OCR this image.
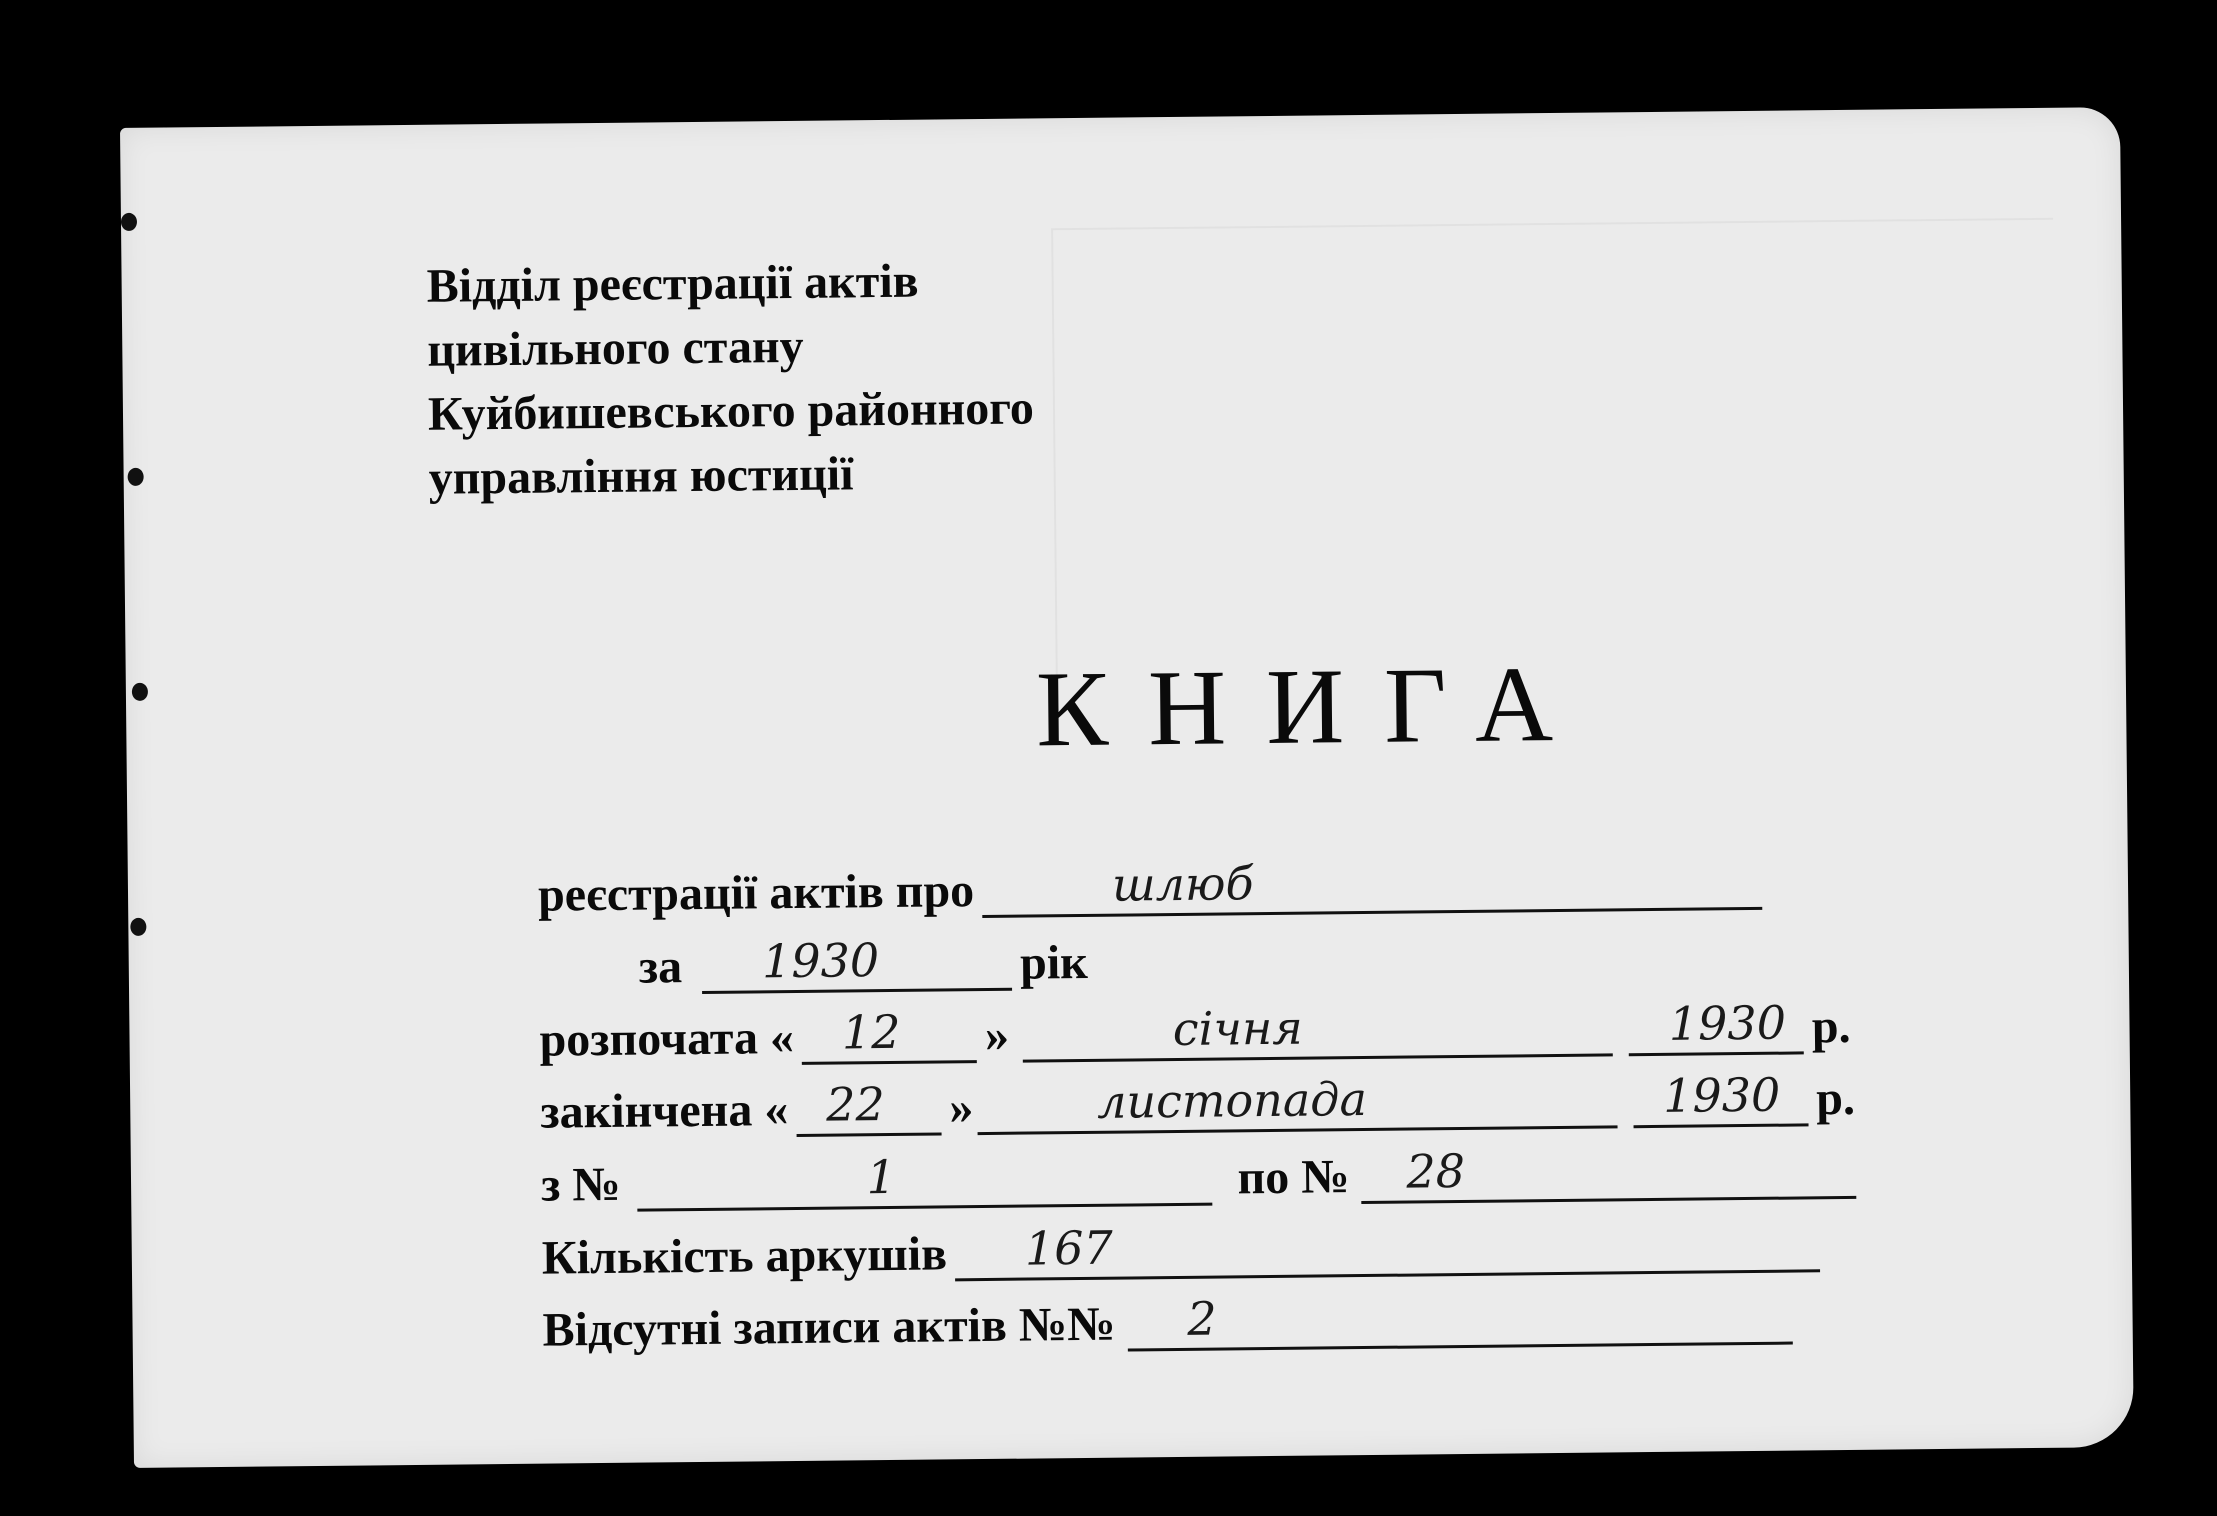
Відділ реєстрації актів
цивільного стану
Куйбишевського районного
управління юстиції
КНИГА
реєстрації актів про	шлюб
за 1930	рік
розпочата « 12 »	січня	1930 р.
закінчена « 22 »	листопада	1930 р.
з №	1	по № 28
Кількість аркушів 167
Відсутні записи актів №№ 2
